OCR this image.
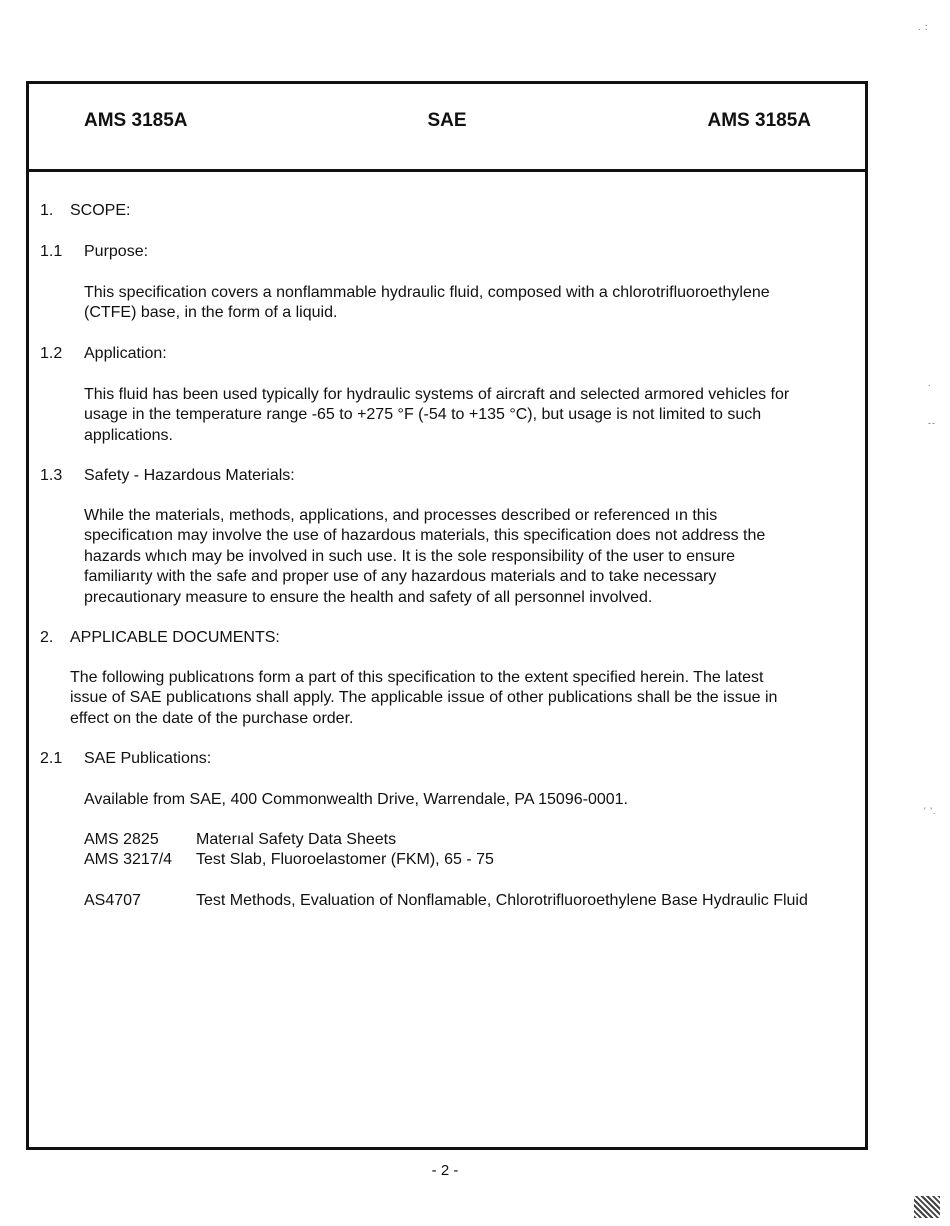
. :
.
--
' '.
AMS 3185A	SAE	AMS 3185A
1. SCOPE:
1.1 Purpose:
This specification covers a nonflammable hydraulic fluid, composed with a chlorotrifluoroethylene
(CTFE) base, in the form of a liquid.
1.2 Application:
This fluid has been used typically for hydraulic systems of aircraft and selected armored vehicles for
usage in the temperature range -65 to +275 °F (-54 to +135 °C), but usage is not limited to such
applications.
1.3 Safety - Hazardous Materials:
While the materials, methods, applications, and processes described or referenced ın this
specificatıon may involve the use of hazardous materials, this specification does not address the
hazards whıch may be involved in such use. It is the sole responsibility of the user to ensure
familiarıty with the safe and proper use of any hazardous materials and to take necessary
precautionary measure to ensure the health and safety of all personnel involved.
2. APPLICABLE DOCUMENTS:
The following publicatıons form a part of this specification to the extent specified herein. The latest
issue of SAE publicatıons shall apply. The applicable issue of other publications shall be the issue in
effect on the date of the purchase order.
2.1 SAE Publications:
Available from SAE, 400 Commonwealth Drive, Warrendale, PA 15096-0001.
AMS 2825 Materıal Safety Data Sheets
AMS 3217/4 Test Slab, Fluoroelastomer (FKM), 65 - 75
AS4707	Test Methods, Evaluation of Nonflamable, Chlorotrifluoroethylene Base Hydraulic Fluid
- 2 -
